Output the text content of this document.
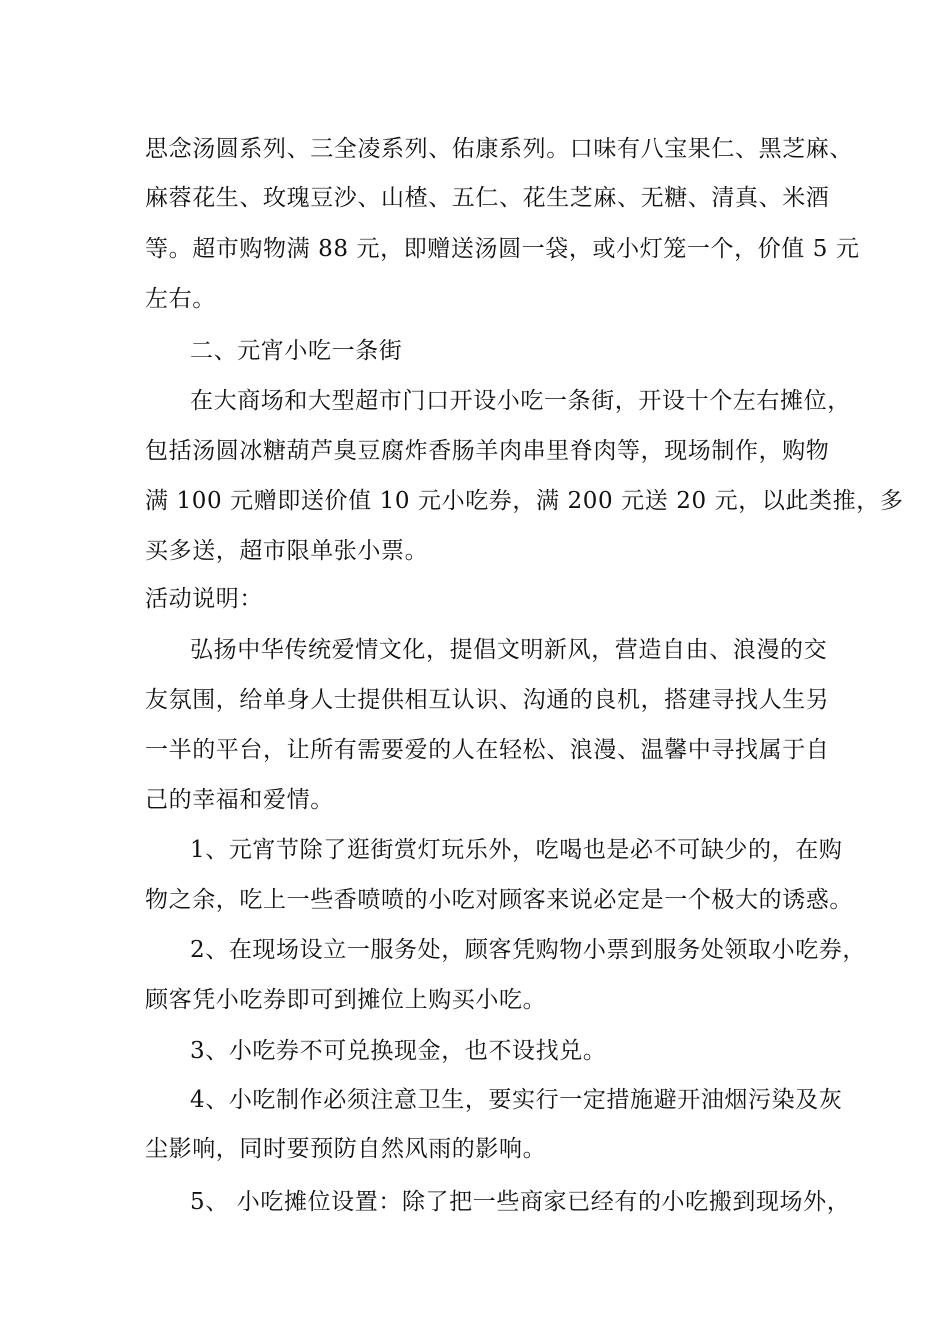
思念汤圆系列、三全凌系列、佑康系列。口味有八宝果仁、黑芝麻、
麻蓉花生、玫瑰豆沙、山楂、五仁、花生芝麻、无糖、清真、米酒
等。超市购物满 88 元，即赠送汤圆一袋，或小灯笼一个，价值 5 元
左右。
二、元宵小吃一条街
在大商场和大型超市门口开设小吃一条街，开设十个左右摊位，
包括汤圆冰糖葫芦臭豆腐炸香肠羊肉串里脊肉等，现场制作，购物
满 100 元赠即送价值 10 元小吃券，满 200 元送 20 元，以此类推，多
买多送，超市限单张小票。
活动说明：
弘扬中华传统爱情文化，提倡文明新风，营造自由、浪漫的交
友氛围，给单身人士提供相互认识、沟通的良机，搭建寻找人生另
一半的平台，让所有需要爱的人在轻松、浪漫、温馨中寻找属于自
己的幸福和爱情。
1、元宵节除了逛街赏灯玩乐外，吃喝也是必不可缺少的，在购
物之余，吃上一些香喷喷的小吃对顾客来说必定是一个极大的诱惑。
2、在现场设立一服务处，顾客凭购物小票到服务处领取小吃券，
顾客凭小吃券即可到摊位上购买小吃。
3、小吃券不可兑换现金，也不设找兑。
4、小吃制作必须注意卫生，要实行一定措施避开油烟污染及灰
尘影响，同时要预防自然风雨的影响。
5、 小吃摊位设置：除了把一些商家已经有的小吃搬到现场外，
